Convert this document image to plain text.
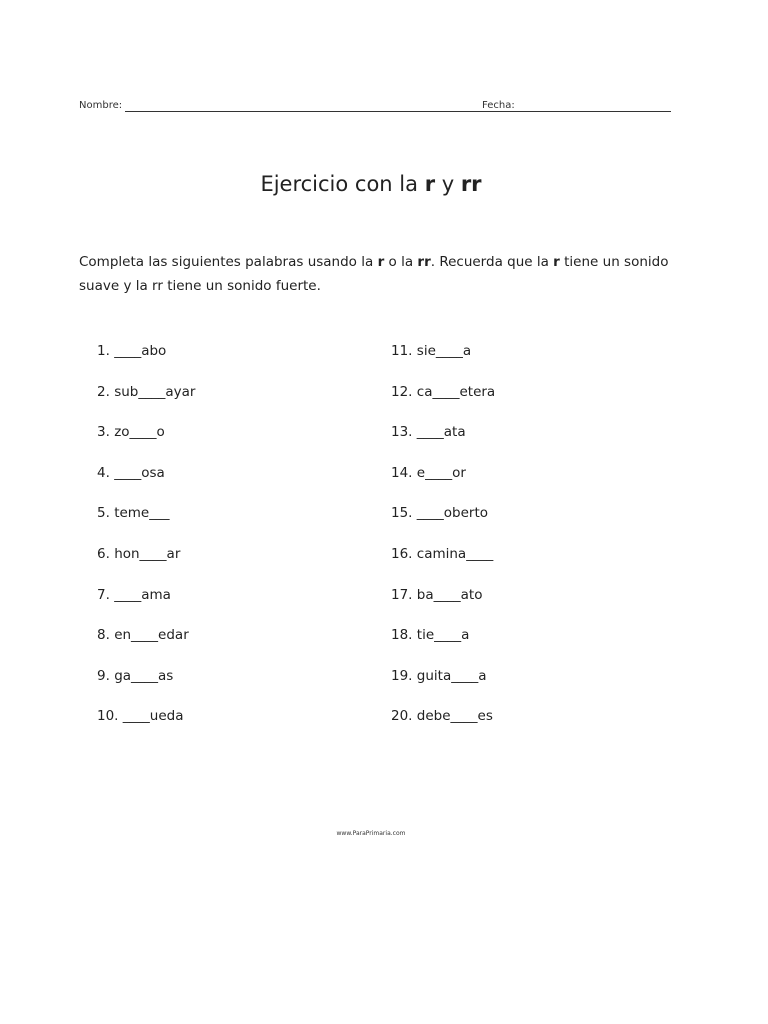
Nombre:	Fecha:
Ejercicio con la r y rr
Completa las siguientes palabras usando la r o la rr. Recuerda que la r tiene un sonido suave y la rr tiene un sonido fuerte.
1. ____abo
2. sub____ayar
3. zo____o
4. ____osa
5. teme___
6. hon____ar
7. ____ama
8. en____edar
9. ga____as
10. ____ueda
11. sie____a
12. ca____etera
13. ____ata
14. e____or
15. ____oberto
16. camina____
17. ba____ato
18. tie____a
19. guita____a
20. debe____es
www.ParaPrimaria.com
